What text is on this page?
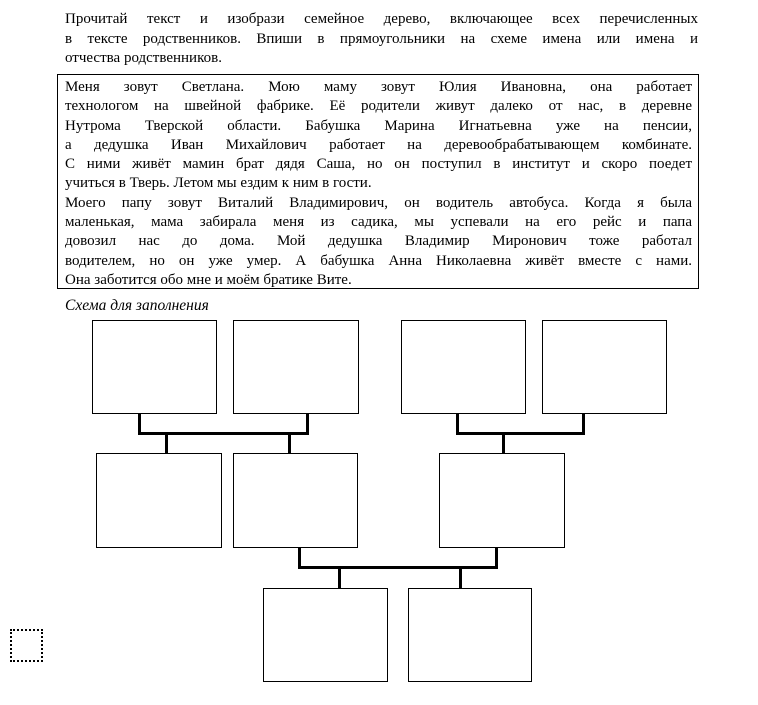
Прочитай текст и изобрази семейное дерево, включающее всех перечисленных
в тексте родственников. Впиши в прямоугольники на схеме имена или имена и
отчества родственников.
Меня зовут Светлана. Мою маму зовут Юлия Ивановна, она работает
технологом на швейной фабрике. Её родители живут далеко от нас, в деревне
Нутрома Тверской области. Бабушка Марина Игнатьевна уже на пенсии,
а дедушка Иван Михайлович работает на деревообрабатывающем комбинате.
С ними живёт мамин брат дядя Саша, но он поступил в институт и скоро поедет
учиться в Тверь. Летом мы ездим к ним в гости.
Моего папу зовут Виталий Владимирович, он водитель автобуса. Когда я была
маленькая, мама забирала меня из садика, мы успевали на его рейс и папа
довозил нас до дома. Мой дедушка Владимир Миронович тоже работал
водителем, но он уже умер. А бабушка Анна Николаевна живёт вместе с нами.
Она заботится обо мне и моём братике Вите.
Схема для заполнения
